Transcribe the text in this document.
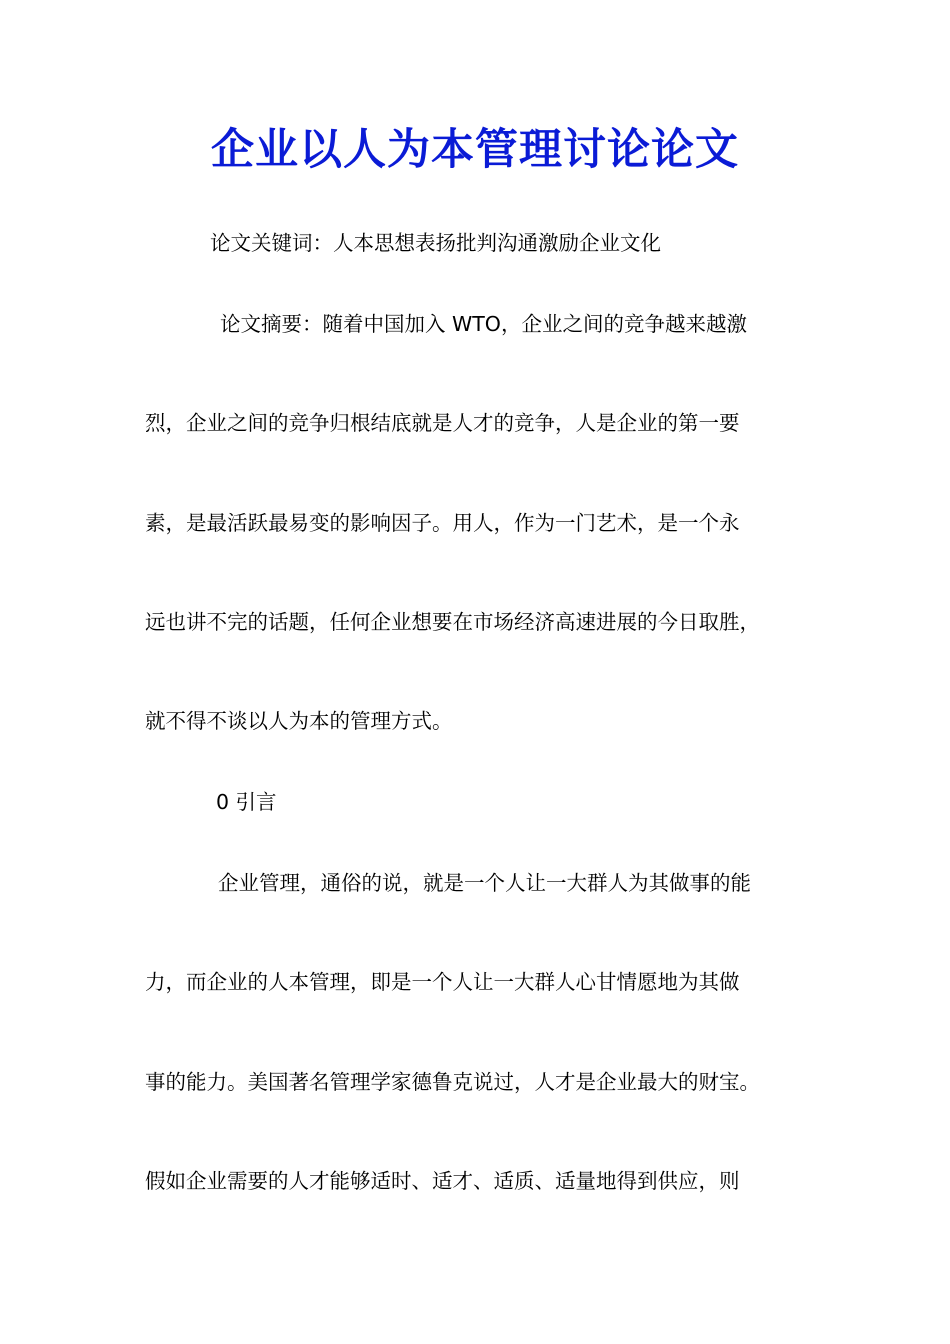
企业以人为本管理讨论论文

论文关键词：人本思想表扬批判沟通激励企业文化

论文摘要：随着中国加入 WTO，企业之间的竞争越来越激

烈，企业之间的竞争归根结底就是人才的竞争，人是企业的第一要

素，是最活跃最易变的影响因子。用人，作为一门艺术，是一个永

远也讲不完的话题，任何企业想要在市场经济高速进展的今日取胜，

就不得不谈以人为本的管理方式。

0 引言

企业管理，通俗的说，就是一个人让一大群人为其做事的能

力，而企业的人本管理，即是一个人让一大群人心甘情愿地为其做

事的能力。美国著名管理学家德鲁克说过，人才是企业最大的财宝。

假如企业需要的人才能够适时、适才、适质、适量地得到供应，则
